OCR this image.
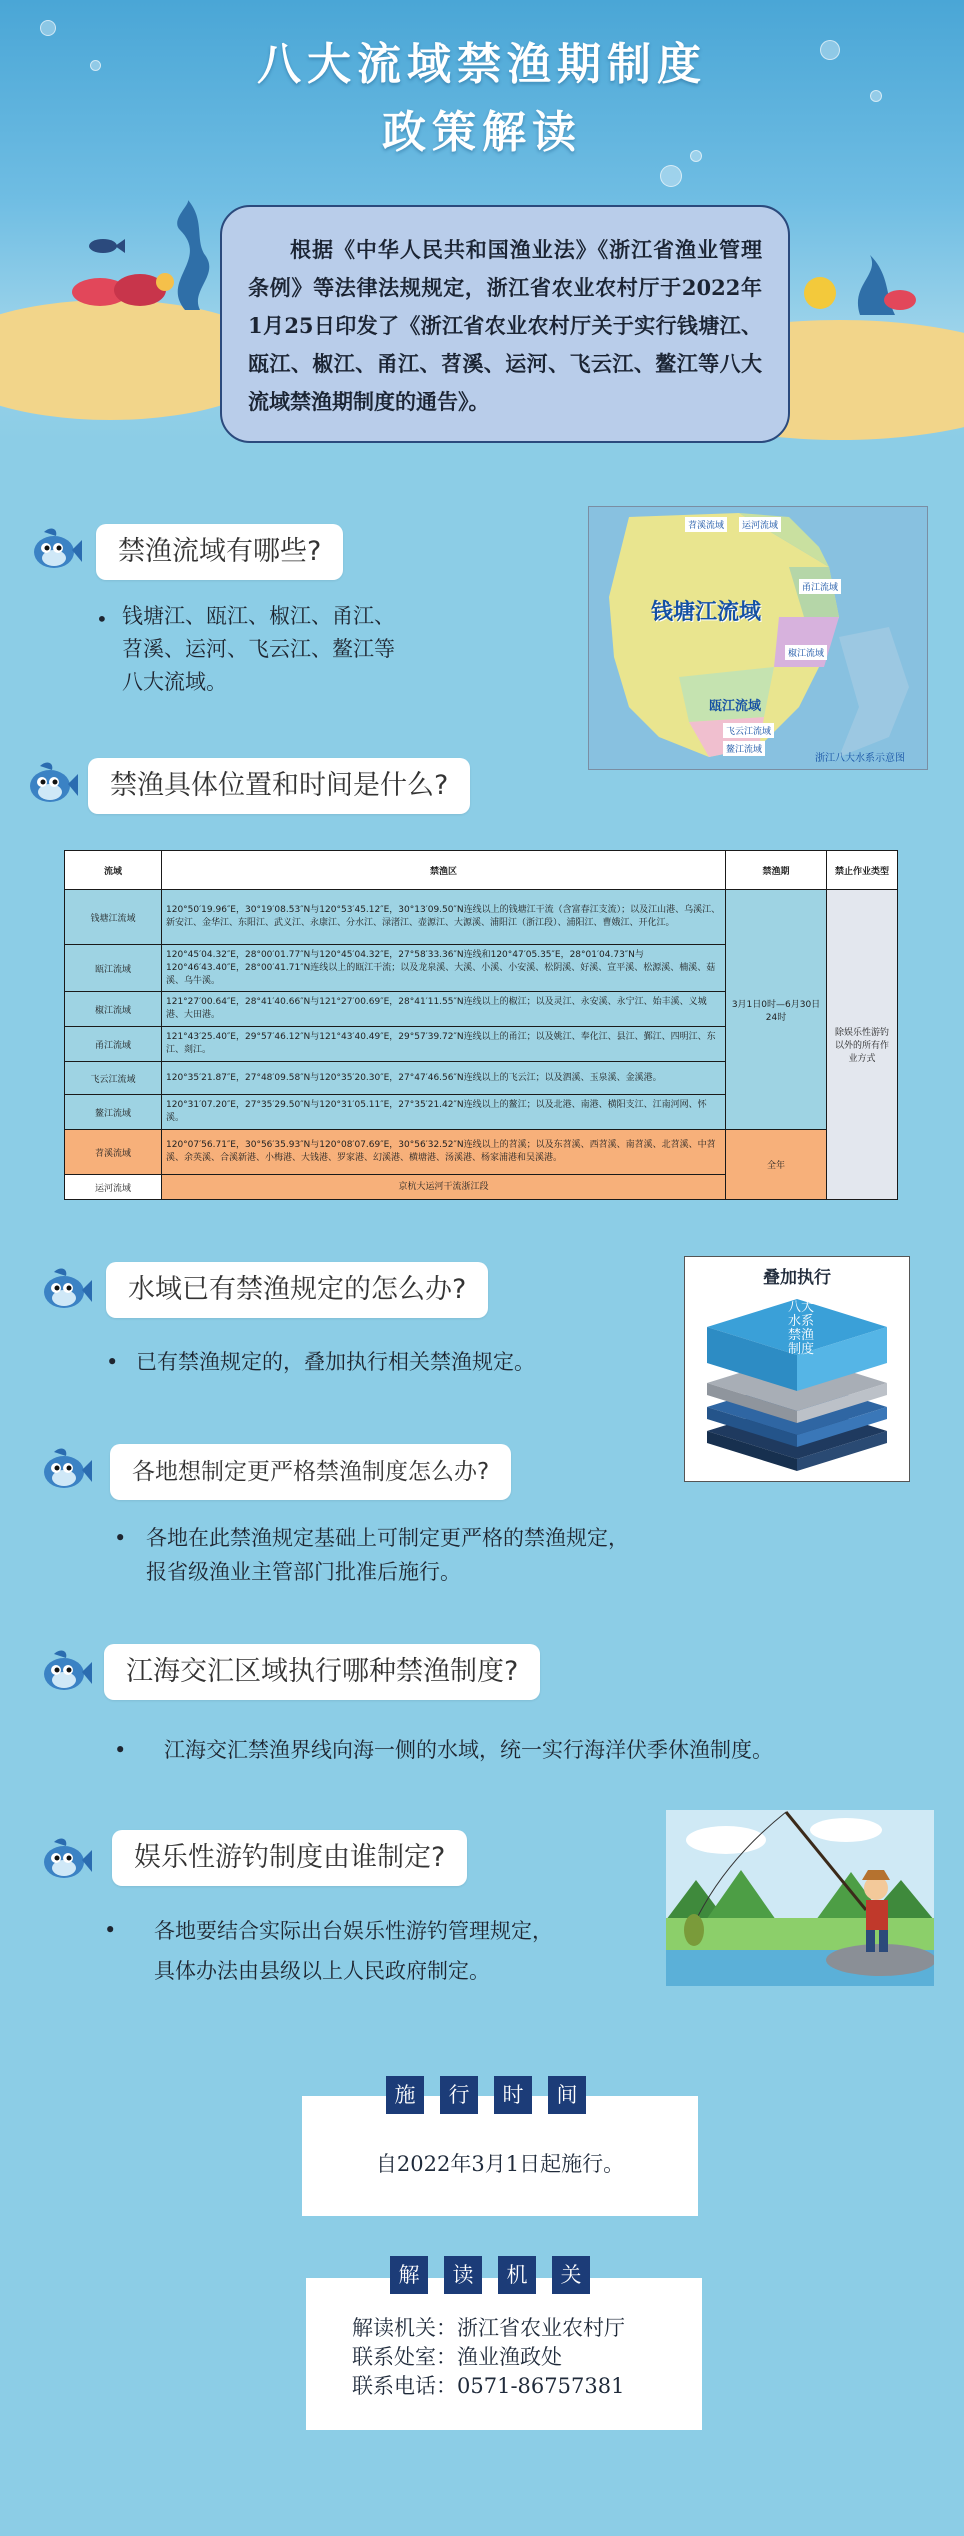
八大流域禁渔期制度
政策解读
根据《中华人民共和国渔业法》《浙江省渔业管理条例》等法律法规规定，浙江省农业农村厅于2022年1月25日印发了《浙江省农业农村厅关于实行钱塘江、瓯江、椒江、甬江、苕溪、运河、飞云江、鳌江等八大流域禁渔期制度的通告》。
禁渔流域有哪些?
• 钱塘江、瓯江、椒江、甬江、苕溪、运河、飞云江、鳌江等八大流域。
钱塘江流域
苕溪流域	运河流域
甬江流域
椒江流域
瓯江流域
飞云江流域
鳌江流域
浙江八大水系示意图
禁渔具体位置和时间是什么?
流域	禁渔区	禁渔期	禁止作业类型
钱塘江流域	120°50′19.96″E，30°19′08.53″N与120°53′45.12″E，30°13′09.50″N连线以上的钱塘江干流（含富春江支流）；以及江山港、乌溪江、新安江、金华江、东阳江、武义江、永康江、分水江、渌渚江、壶源江、大源溪、浦阳江（浙江段）、浦阳江、曹娥江、开化江。	3月1日0时—6月30日24时	除娱乐性游钓以外的所有作业方式
瓯江流域	120°45′04.32″E，28°00′01.77″N与120°45′04.32″E，27°58′33.36″N连线和120°47′05.35″E，28°01′04.73″N与120°46′43.40″E，28°00′41.71″N连线以上的瓯江干流；以及龙泉溪、大溪、小溪、小安溪、松阴溪、好溪、宣平溪、松源溪、楠溪、菇溪、乌牛溪。		
椒江流域	121°27′00.64″E，28°41′40.66″N与121°27′00.69″E，28°41′11.55″N连线以上的椒江；以及灵江、永安溪、永宁江、始丰溪、义城港、大田港。		
甬江流域	121°43′25.40″E，29°57′46.12″N与121°43′40.49″E，29°57′39.72″N连线以上的甬江；以及姚江、奉化江、县江、鄞江、四明江、东江、剡江。		
飞云江流域	120°35′21.87″E，27°48′09.58″N与120°35′20.30″E，27°47′46.56″N连线以上的飞云江；以及泗溪、玉泉溪、金溪港。		
鳌江流域	120°31′07.20″E，27°35′29.50″N与120°31′05.11″E，27°35′21.42″N连线以上的鳌江；以及北港、南港、横阳支江、江南河网、怀溪。		
苕溪流域	120°07′56.71″E，30°56′35.93″N与120°08′07.69″E，30°56′32.52″N连线以上的苕溪；以及东苕溪、西苕溪、南苕溪、北苕溪、中苕溪、余英溪、合溪新港、小梅港、大钱港、罗家港、幻溪港、横塘港、汤溪港、杨家浦港和吴溪港。	全年	
运河流域	京杭大运河干流浙江段		
水域已有禁渔规定的怎么办?
• 已有禁渔规定的，叠加执行相关禁渔规定。
叠加执行
八大
水系
禁渔
制度
各地想制定更严格禁渔制度怎么办?
• 各地在此禁渔规定基础上可制定更严格的禁渔规定，
报省级渔业主管部门批准后施行。
江海交汇区域执行哪种禁渔制度?
• 江海交汇禁渔界线向海一侧的水域，统一实行海洋伏季休渔制度。
娱乐性游钓制度由谁制定?
• 各地要结合实际出台娱乐性游钓管理规定，
具体办法由县级以上人民政府制定。
自2022年3月1日起施行。
施	行	时	间
解读机关：浙江省农业农村厅
联系处室：渔业渔政处
联系电话：0571-86757381
解	读	机	关
